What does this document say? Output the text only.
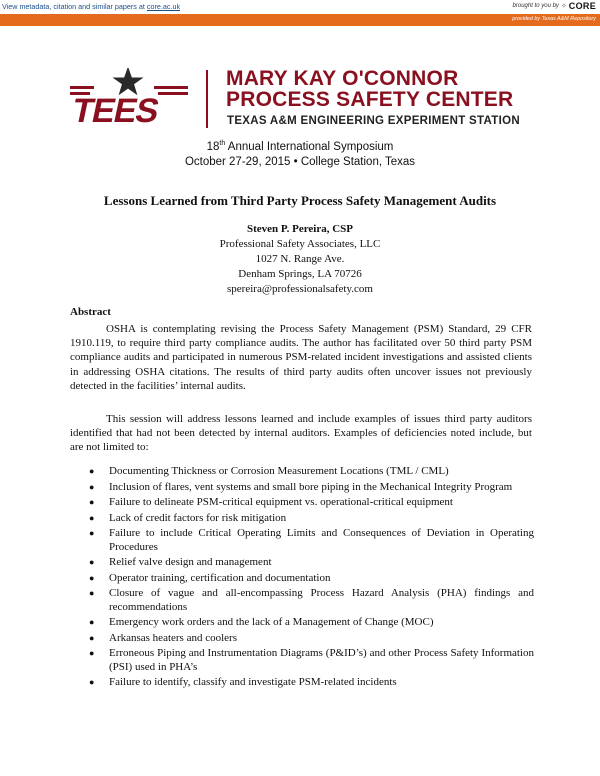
View metadata, citation and similar papers at core.ac.uk	brought to you by ✧ CORE
provided by Texas A&M Repository
TEES
MARY KAY O'CONNOR
PROCESS SAFETY CENTER
TEXAS A&M ENGINEERING EXPERIMENT STATION
18th Annual International Symposium
October 27-29, 2015 • College Station, Texas
Lessons Learned from Third Party Process Safety Management Audits
Steven P. Pereira, CSP
Professional Safety Associates, LLC
1027 N. Range Ave.
Denham Springs, LA 70726
spereira@professionalsafety.com
Abstract
OSHA is contemplating revising the Process Safety Management (PSM) Standard, 29 CFR 1910.119, to require third party compliance audits. The author has facilitated over 50 third party PSM compliance audits and participated in numerous PSM-related incident investigations and assisted clients in addressing OSHA citations. The results of third party audits often uncover issues not previously detected in the facilities’ internal audits.
This session will address lessons learned and include examples of issues third party auditors identified that had not been detected by internal auditors. Examples of deficiencies noted include, but are not limited to:
● Documenting Thickness or Corrosion Measurement Locations (TML / CML)
● Inclusion of flares, vent systems and small bore piping in the Mechanical Integrity Program
● Failure to delineate PSM-critical equipment vs. operational-critical equipment
● Lack of credit factors for risk mitigation
● Failure to include Critical Operating Limits and Consequences of Deviation in Operating Procedures
● Relief valve design and management
● Operator training, certification and documentation
● Closure of vague and all-encompassing Process Hazard Analysis (PHA) findings and recommendations
● Emergency work orders and the lack of a Management of Change (MOC)
● Arkansas heaters and coolers
● Erroneous Piping and Instrumentation Diagrams (P&ID’s) and other Process Safety Information (PSI) used in PHA’s
● Failure to identify, classify and investigate PSM-related incidents
